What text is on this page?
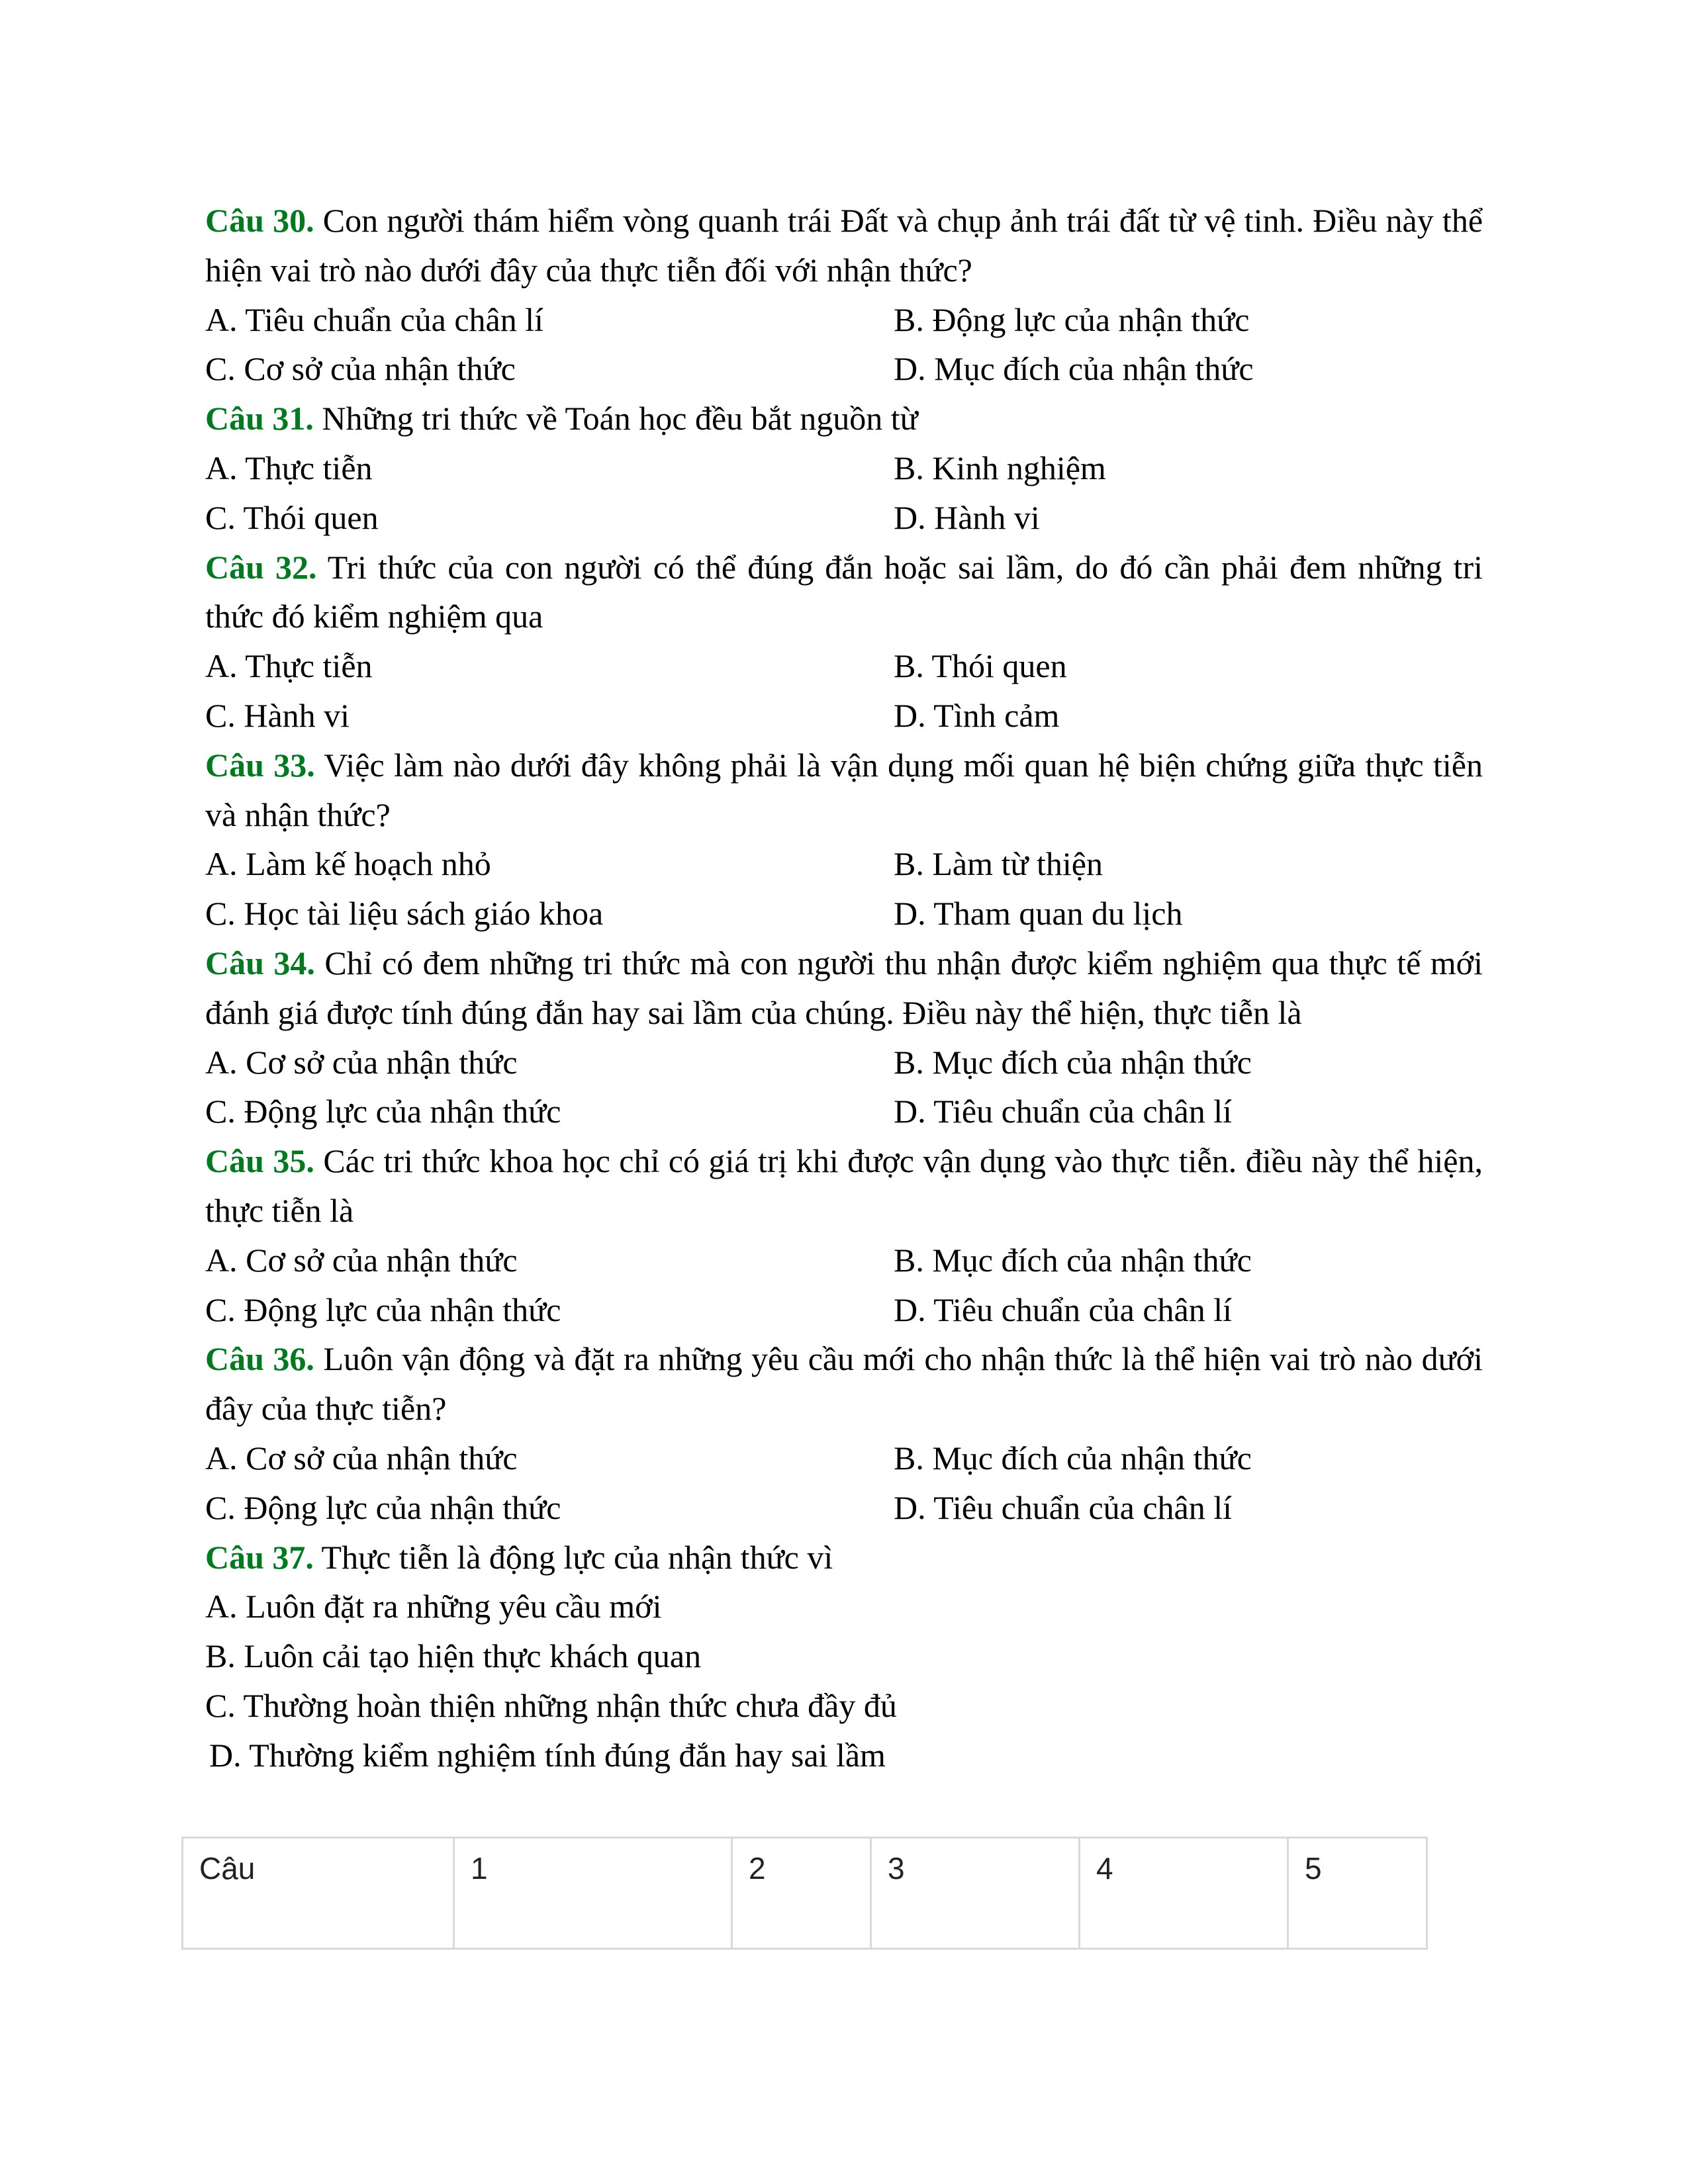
Câu 30. Con người thám hiểm vòng quanh trái Đất và chụp ảnh trái đất từ vệ tinh. Điều này thể hiện vai trò nào dưới đây của thực tiễn đối với nhận thức?
A. Tiêu chuẩn của chân lí	B. Động lực của nhận thức
C. Cơ sở của nhận thức	D. Mục đích của nhận thức
Câu 31. Những tri thức về Toán học đều bắt nguồn từ
A. Thực tiễn	B. Kinh nghiệm
C. Thói quen	D. Hành vi
Câu 32. Tri thức của con người có thể đúng đắn hoặc sai lầm, do đó cần phải đem những tri thức đó kiểm nghiệm qua
A. Thực tiễn	B. Thói quen
C. Hành vi	D. Tình cảm
Câu 33. Việc làm nào dưới đây không phải là vận dụng mối quan hệ biện chứng giữa thực tiễn và nhận thức?
A. Làm kế hoạch nhỏ	B. Làm từ thiện
C. Học tài liệu sách giáo khoa	D. Tham quan du lịch
Câu 34. Chỉ có đem những tri thức mà con người thu nhận được kiểm nghiệm qua thực tế mới đánh giá được tính đúng đắn hay sai lầm của chúng. Điều này thể hiện, thực tiễn là
A. Cơ sở của nhận thức	B. Mục đích của nhận thức
C. Động lực của nhận thức	D. Tiêu chuẩn của chân lí
Câu 35. Các tri thức khoa học chỉ có giá trị khi được vận dụng vào thực tiễn. điều này thể hiện, thực tiễn là
A. Cơ sở của nhận thức	B. Mục đích của nhận thức
C. Động lực của nhận thức	D. Tiêu chuẩn của chân lí
Câu 36. Luôn vận động và đặt ra những yêu cầu mới cho nhận thức là thể hiện vai trò nào dưới đây của thực tiễn?
A. Cơ sở của nhận thức	B. Mục đích của nhận thức
C. Động lực của nhận thức	D. Tiêu chuẩn của chân lí
Câu 37. Thực tiễn là động lực của nhận thức vì
A. Luôn đặt ra những yêu cầu mới
B. Luôn cải tạo hiện thực khách quan
C. Thường hoàn thiện những nhận thức chưa đầy đủ
D. Thường kiểm nghiệm tính đúng đắn hay sai lầm
Câu	1	2	3	4	5
